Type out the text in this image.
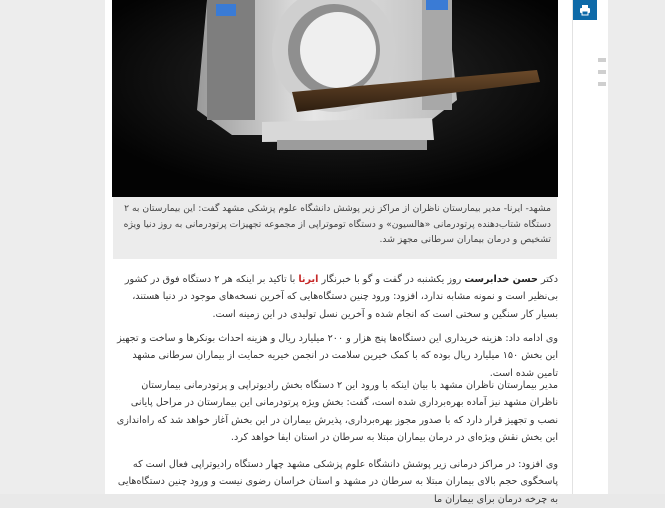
مشهد- ایرنا- مدیر بیمارستان ناظران از مراکز زیر پوشش دانشگاه علوم پزشکی مشهد گفت: این بیمارستان به ۲ دستگاه شتاب‌دهنده پرتودرمانی «هالسیون» و دستگاه توموتراپی از مجموعه تجهیزات پرتودرمانی به روز دنیا ویژه تشخیص و درمان بیماران سرطانی مجهز شد.
دکتر حسن خدابرست روز یکشنبه در گفت و گو با خبرنگار ایرنا با تاکید بر اینکه هر ۲ دستگاه فوق در کشور بی‌نظیر است و نمونه مشابه ندارد، افزود: ورود چنین دستگاه‌هایی که آخرین نسخه‌های موجود در دنیا هستند، بسیار کار سنگین و سختی است که انجام شده و آخرین نسل تولیدی در این زمینه است.
وی ادامه داد: هزینه خریداری این دستگاه‌ها پنج هزار و ۲۰۰ میلیارد ریال و هزینه احداث بونکرها و ساخت و تجهیز این بخش ۱۵۰ میلیارد ریال بوده که با کمک خیرین سلامت در انجمن خیریه حمایت از بیماران سرطانی مشهد تامین شده است.
مدیر بیمارستان ناظران مشهد با بیان اینکه با ورود این ۲ دستگاه بخش رادیوتراپی و پرتودرمانی بیمارستان ناظران مشهد نیز آماده بهره‌برداری شده است، گفت: بخش ویژه پرتودرمانی این بیمارستان در مراحل پایانی نصب و تجهیز قرار دارد که با صدور مجوز بهره‌برداری، پذیرش بیماران در این بخش آغاز خواهد شد که راه‌اندازی این بخش نقش ویژه‌ای در درمان بیماران مبتلا به سرطان در استان ایفا خواهد کرد.
وی افزود: در مراکز درمانی زیر پوشش دانشگاه علوم پزشکی مشهد چهار دستگاه رادیوتراپی فعال است که پاسخگوی حجم بالای بیماران مبتلا به سرطان در مشهد و استان خراسان رضوی نیست و ورود چنین دستگاه‌هایی به چرخه درمان برای بیماران ما
